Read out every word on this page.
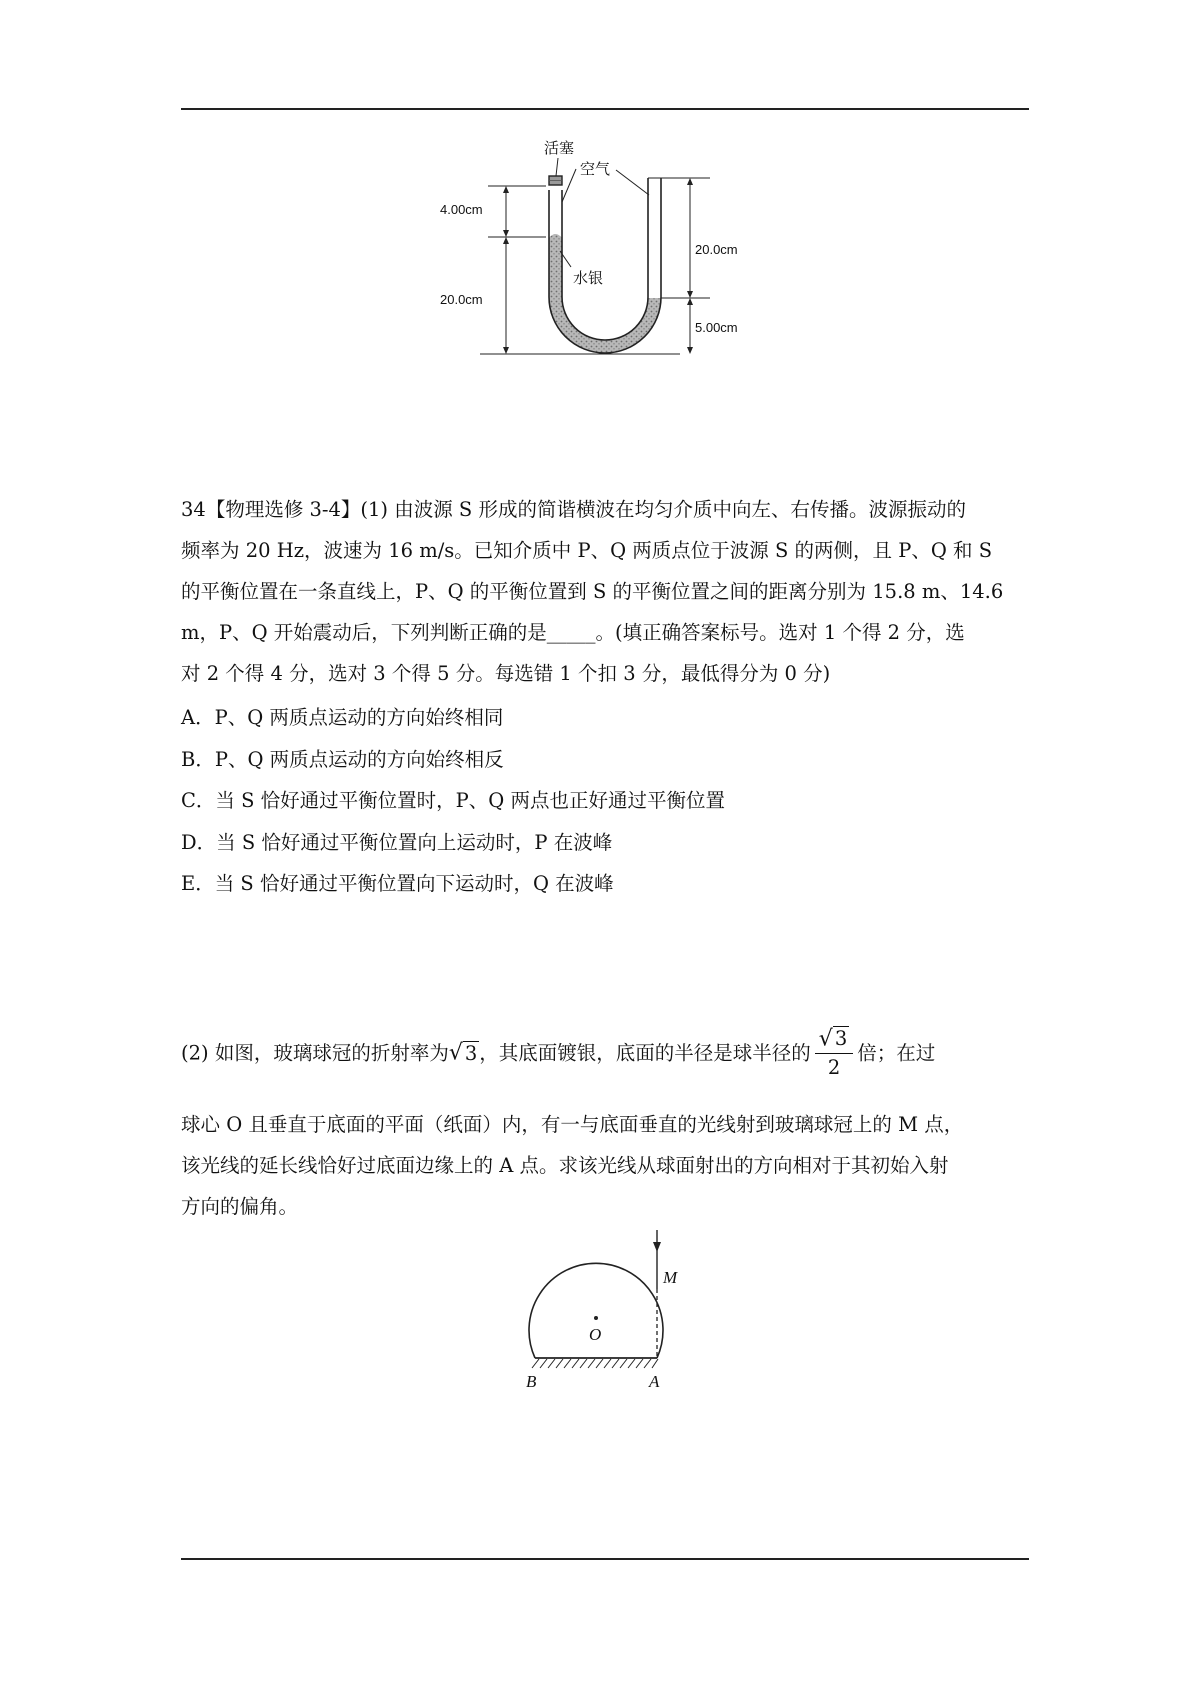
活塞
空气
水银
4.00cm
20.0cm
20.0cm
5.00cm

34【物理选修 3-4】(1) 由波源 S 形成的简谐横波在均匀介质中向左、右传播。波源振动的

频率为 20 Hz，波速为 16 m/s。已知介质中 P、Q 两质点位于波源 S 的两侧，且 P、Q 和 S

的平衡位置在一条直线上，P、Q 的平衡位置到 S 的平衡位置之间的距离分别为 15.8 m、14.6

m，P、Q 开始震动后，下列判断正确的是_____。(填正确答案标号。选对 1 个得 2 分，选

对 2 个得 4 分，选对 3 个得 5 分。每选错 1 个扣 3 分，最低得分为 0 分)

A．P、Q 两质点运动的方向始终相同
B．P、Q 两质点运动的方向始终相反
C．当 S 恰好通过平衡位置时，P、Q 两点也正好通过平衡位置
D．当 S 恰好通过平衡位置向上运动时，P 在波峰
E．当 S 恰好通过平衡位置向下运动时，Q 在波峰
(2) 如图，玻璃球冠的折射率为√ 3 ，其底面镀银，底面的半径是球半径的 $\frac{√ 3}{2}$ 倍；在过

球心 O 且垂直于底面的平面（纸面）内，有一与底面垂直的光线射到玻璃球冠上的 M 点，

该光线的延长线恰好过底面边缘上的 A 点。求该光线从球面射出的方向相对于其初始入射

方向的偏角。

O
M
B	A
